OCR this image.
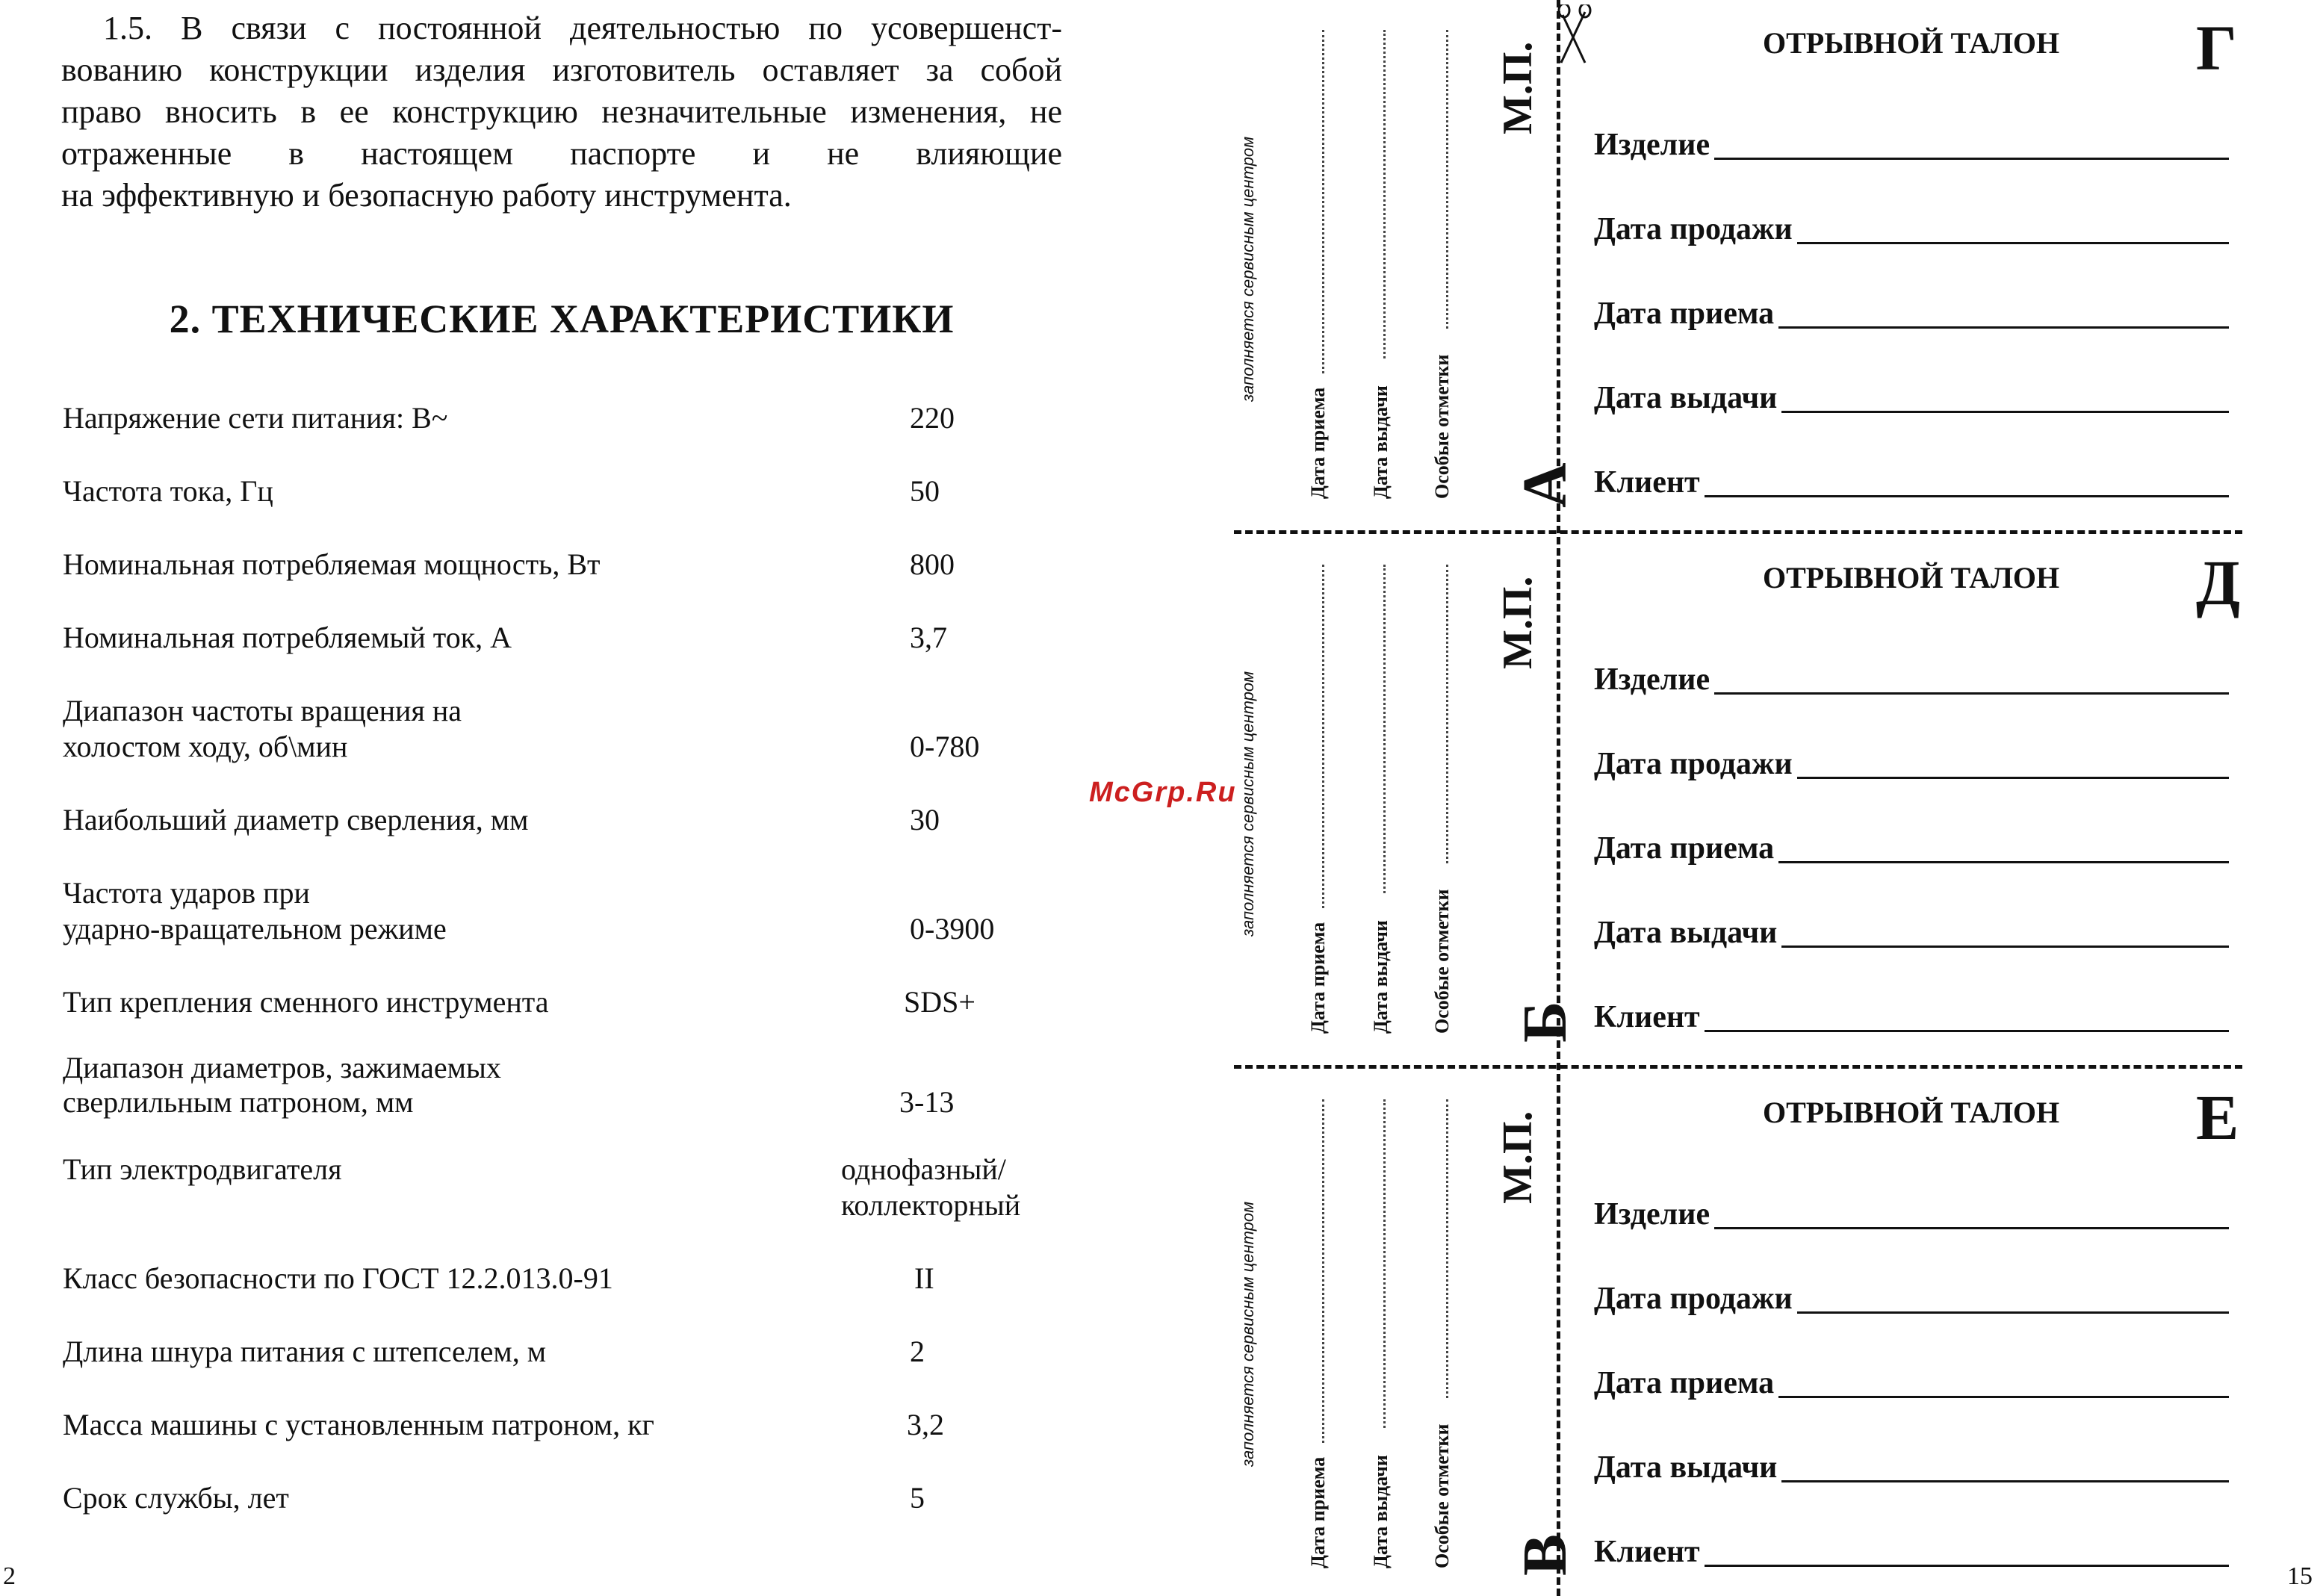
1.5. В связи с постоянной деятельностью по усовершенст-
вованию конструкции изделия изготовитель оставляет за собой
право вносить в ее конструкцию незначительные изменения, не
отраженные в настоящем паспорте и не влияющие
на эффективную и безопасную работу инструмента.
2. ТЕХНИЧЕСКИЕ ХАРАКТЕРИСТИКИ
Напряжение сети питания: В~	220
Частота тока, Гц	50
Номинальная потребляемая мощность, Вт	800
Номинальная потребляемый ток, А	3,7
Диапазон частоты вращения на
холостом ходу, об\мин	0-780
Наибольший диаметр сверления, мм	30
Частота ударов при
ударно-вращательном режиме	0-3900
Тип крепления сменного инструмента	SDS+
Диапазон диаметров, зажимаемых
сверлильным патроном, мм	3-13
Тип электродвигателя	однофазный/
коллекторный
Класс безопасности по ГОСТ 12.2.013.0-91	II
Длина шнура питания с штепселем, м	2
Масса машины с установленным патроном, кг	3,2
Срок службы, лет	5
2
заполняется сервисным центром
Дата приема Дата выдачи Особые отметки
М.П.
А
ОТРЫВНОЙ ТАЛОН Г
Изделие
Дата продажи
Дата приема
Дата выдачи
Клиент
заполняется сервисным центром
Дата приема Дата выдачи Особые отметки
М.П.
Б
ОТРЫВНОЙ ТАЛОН Д
Изделие
Дата продажи
Дата приема
Дата выдачи
Клиент
заполняется сервисным центром
Дата приема Дата выдачи Особые отметки
М.П.
В
ОТРЫВНОЙ ТАЛОН Е
Изделие
Дата продажи
Дата приема
Дата выдачи
Клиент
15
McGrp.Ru
